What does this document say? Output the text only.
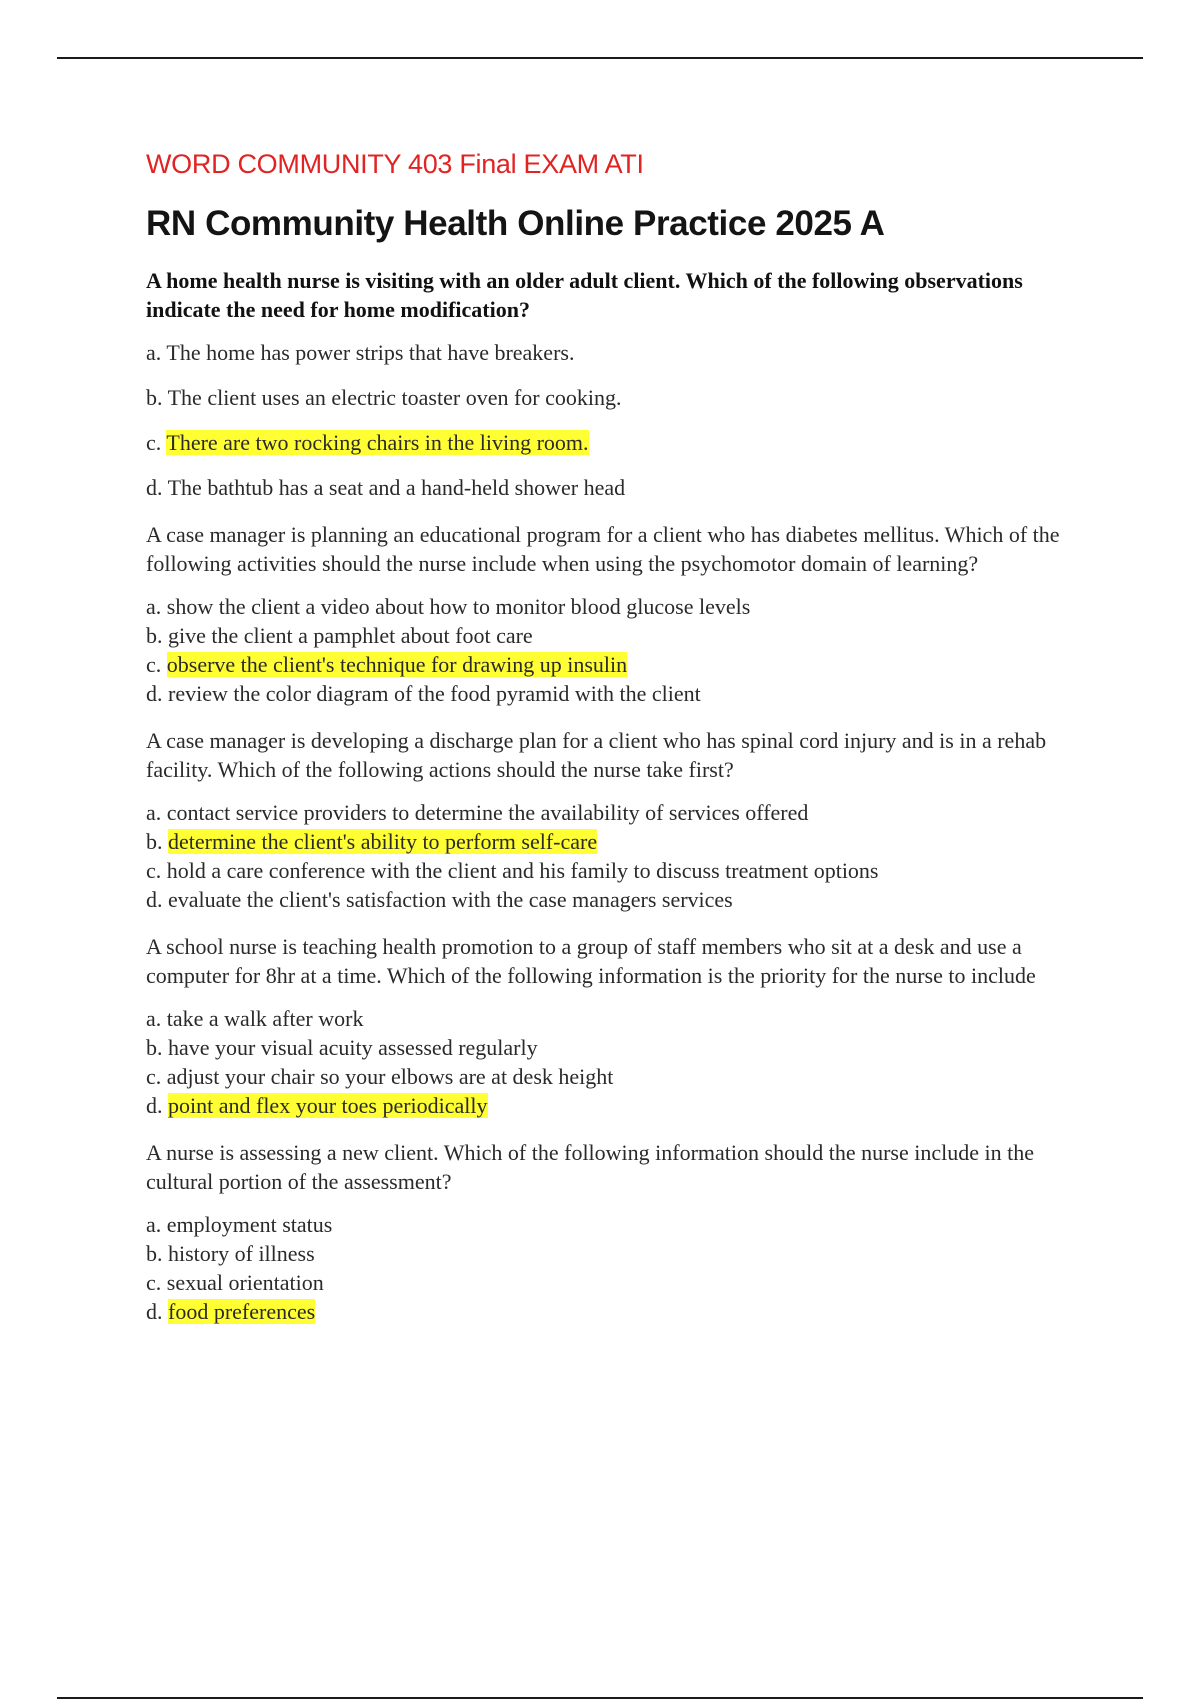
WORD COMMUNITY 403 Final EXAM ATI

RN Community Health Online Practice 2025 A

A home health nurse is visiting with an older adult client. Which of the following observations indicate the need for home modification?

a. The home has power strips that have breakers.

b. The client uses an electric toaster oven for cooking.

c. There are two rocking chairs in the living room.

d. The bathtub has a seat and a hand-held shower head

A case manager is planning an educational program for a client who has diabetes mellitus. Which of the following activities should the nurse include when using the psychomotor domain of learning?

a. show the client a video about how to monitor blood glucose levels

b. give the client a pamphlet about foot care

c. observe the client's technique for drawing up insulin

d. review the color diagram of the food pyramid with the client

A case manager is developing a discharge plan for a client who has spinal cord injury and is in a rehab facility. Which of the following actions should the nurse take first?

a. contact service providers to determine the availability of services offered

b. determine the client's ability to perform self-care

c. hold a care conference with the client and his family to discuss treatment options

d. evaluate the client's satisfaction with the case managers services

A school nurse is teaching health promotion to a group of staff members who sit at a desk and use a computer for 8hr at a time. Which of the following information is the priority for the nurse to include

a. take a walk after work

b. have your visual acuity assessed regularly

c. adjust your chair so your elbows are at desk height

d. point and flex your toes periodically

A nurse is assessing a new client. Which of the following information should the nurse include in the cultural portion of the assessment?

a. employment status

b. history of illness

c. sexual orientation

d. food preferences
